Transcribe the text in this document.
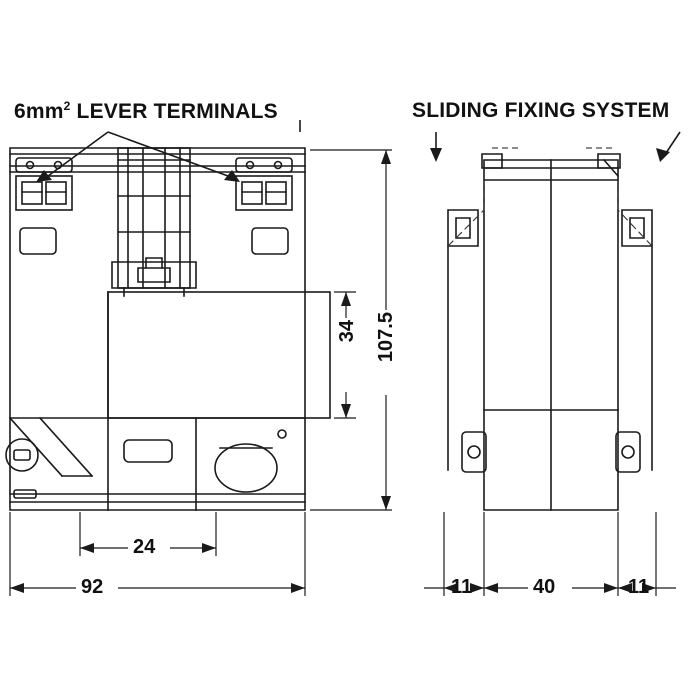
$6mm^2$ LEVER TERMINALS	SLIDING FIXING SYSTEM
107.5
34
24
92	11	40	11
